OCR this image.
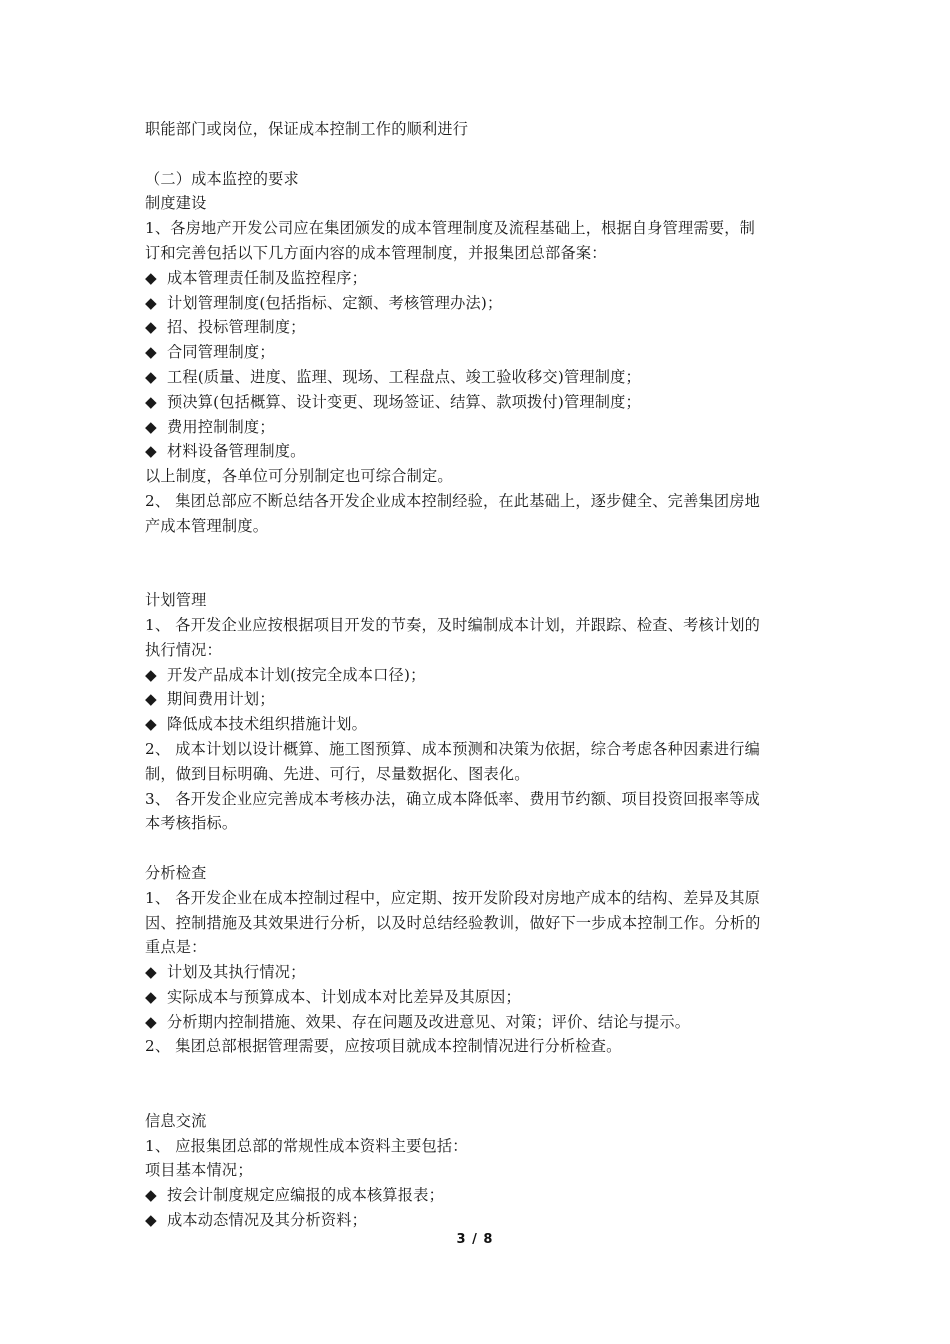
职能部门或岗位，保证成本控制工作的顺利进行
（二）成本监控的要求
制度建设
1、各房地产开发公司应在集团颁发的成本管理制度及流程基础上，根据自身管理需要，制
订和完善包括以下几方面内容的成本管理制度，并报集团总部备案：
◆ 成本管理责任制及监控程序；
◆ 计划管理制度(包括指标、定额、考核管理办法)；
◆ 招、投标管理制度；
◆ 合同管理制度；
◆ 工程(质量、进度、监理、现场、工程盘点、竣工验收移交)管理制度；
◆ 预决算(包括概算、设计变更、现场签证、结算、款项拨付)管理制度；
◆ 费用控制制度；
◆ 材料设备管理制度。
以上制度，各单位可分别制定也可综合制定。
2、 集团总部应不断总结各开发企业成本控制经验，在此基础上，逐步健全、完善集团房地
产成本管理制度。
计划管理
1、 各开发企业应按根据项目开发的节奏，及时编制成本计划，并跟踪、检查、考核计划的
执行情况：
◆ 开发产品成本计划(按完全成本口径)；
◆ 期间费用计划；
◆ 降低成本技术组织措施计划。
2、 成本计划以设计概算、施工图预算、成本预测和决策为依据，综合考虑各种因素进行编
制，做到目标明确、先进、可行，尽量数据化、图表化。
3、 各开发企业应完善成本考核办法，确立成本降低率、费用节约额、项目投资回报率等成
本考核指标。
分析检查
1、 各开发企业在成本控制过程中，应定期、按开发阶段对房地产成本的结构、差异及其原
因、控制措施及其效果进行分析，以及时总结经验教训，做好下一步成本控制工作。分析的
重点是：
◆ 计划及其执行情况；
◆ 实际成本与预算成本、计划成本对比差异及其原因；
◆ 分析期内控制措施、效果、存在问题及改进意见、对策；评价、结论与提示。
2、 集团总部根据管理需要，应按项目就成本控制情况进行分析检查。
信息交流
1、 应报集团总部的常规性成本资料主要包括：
项目基本情况；
◆ 按会计制度规定应编报的成本核算报表；
◆ 成本动态情况及其分析资料；
3 / 8
